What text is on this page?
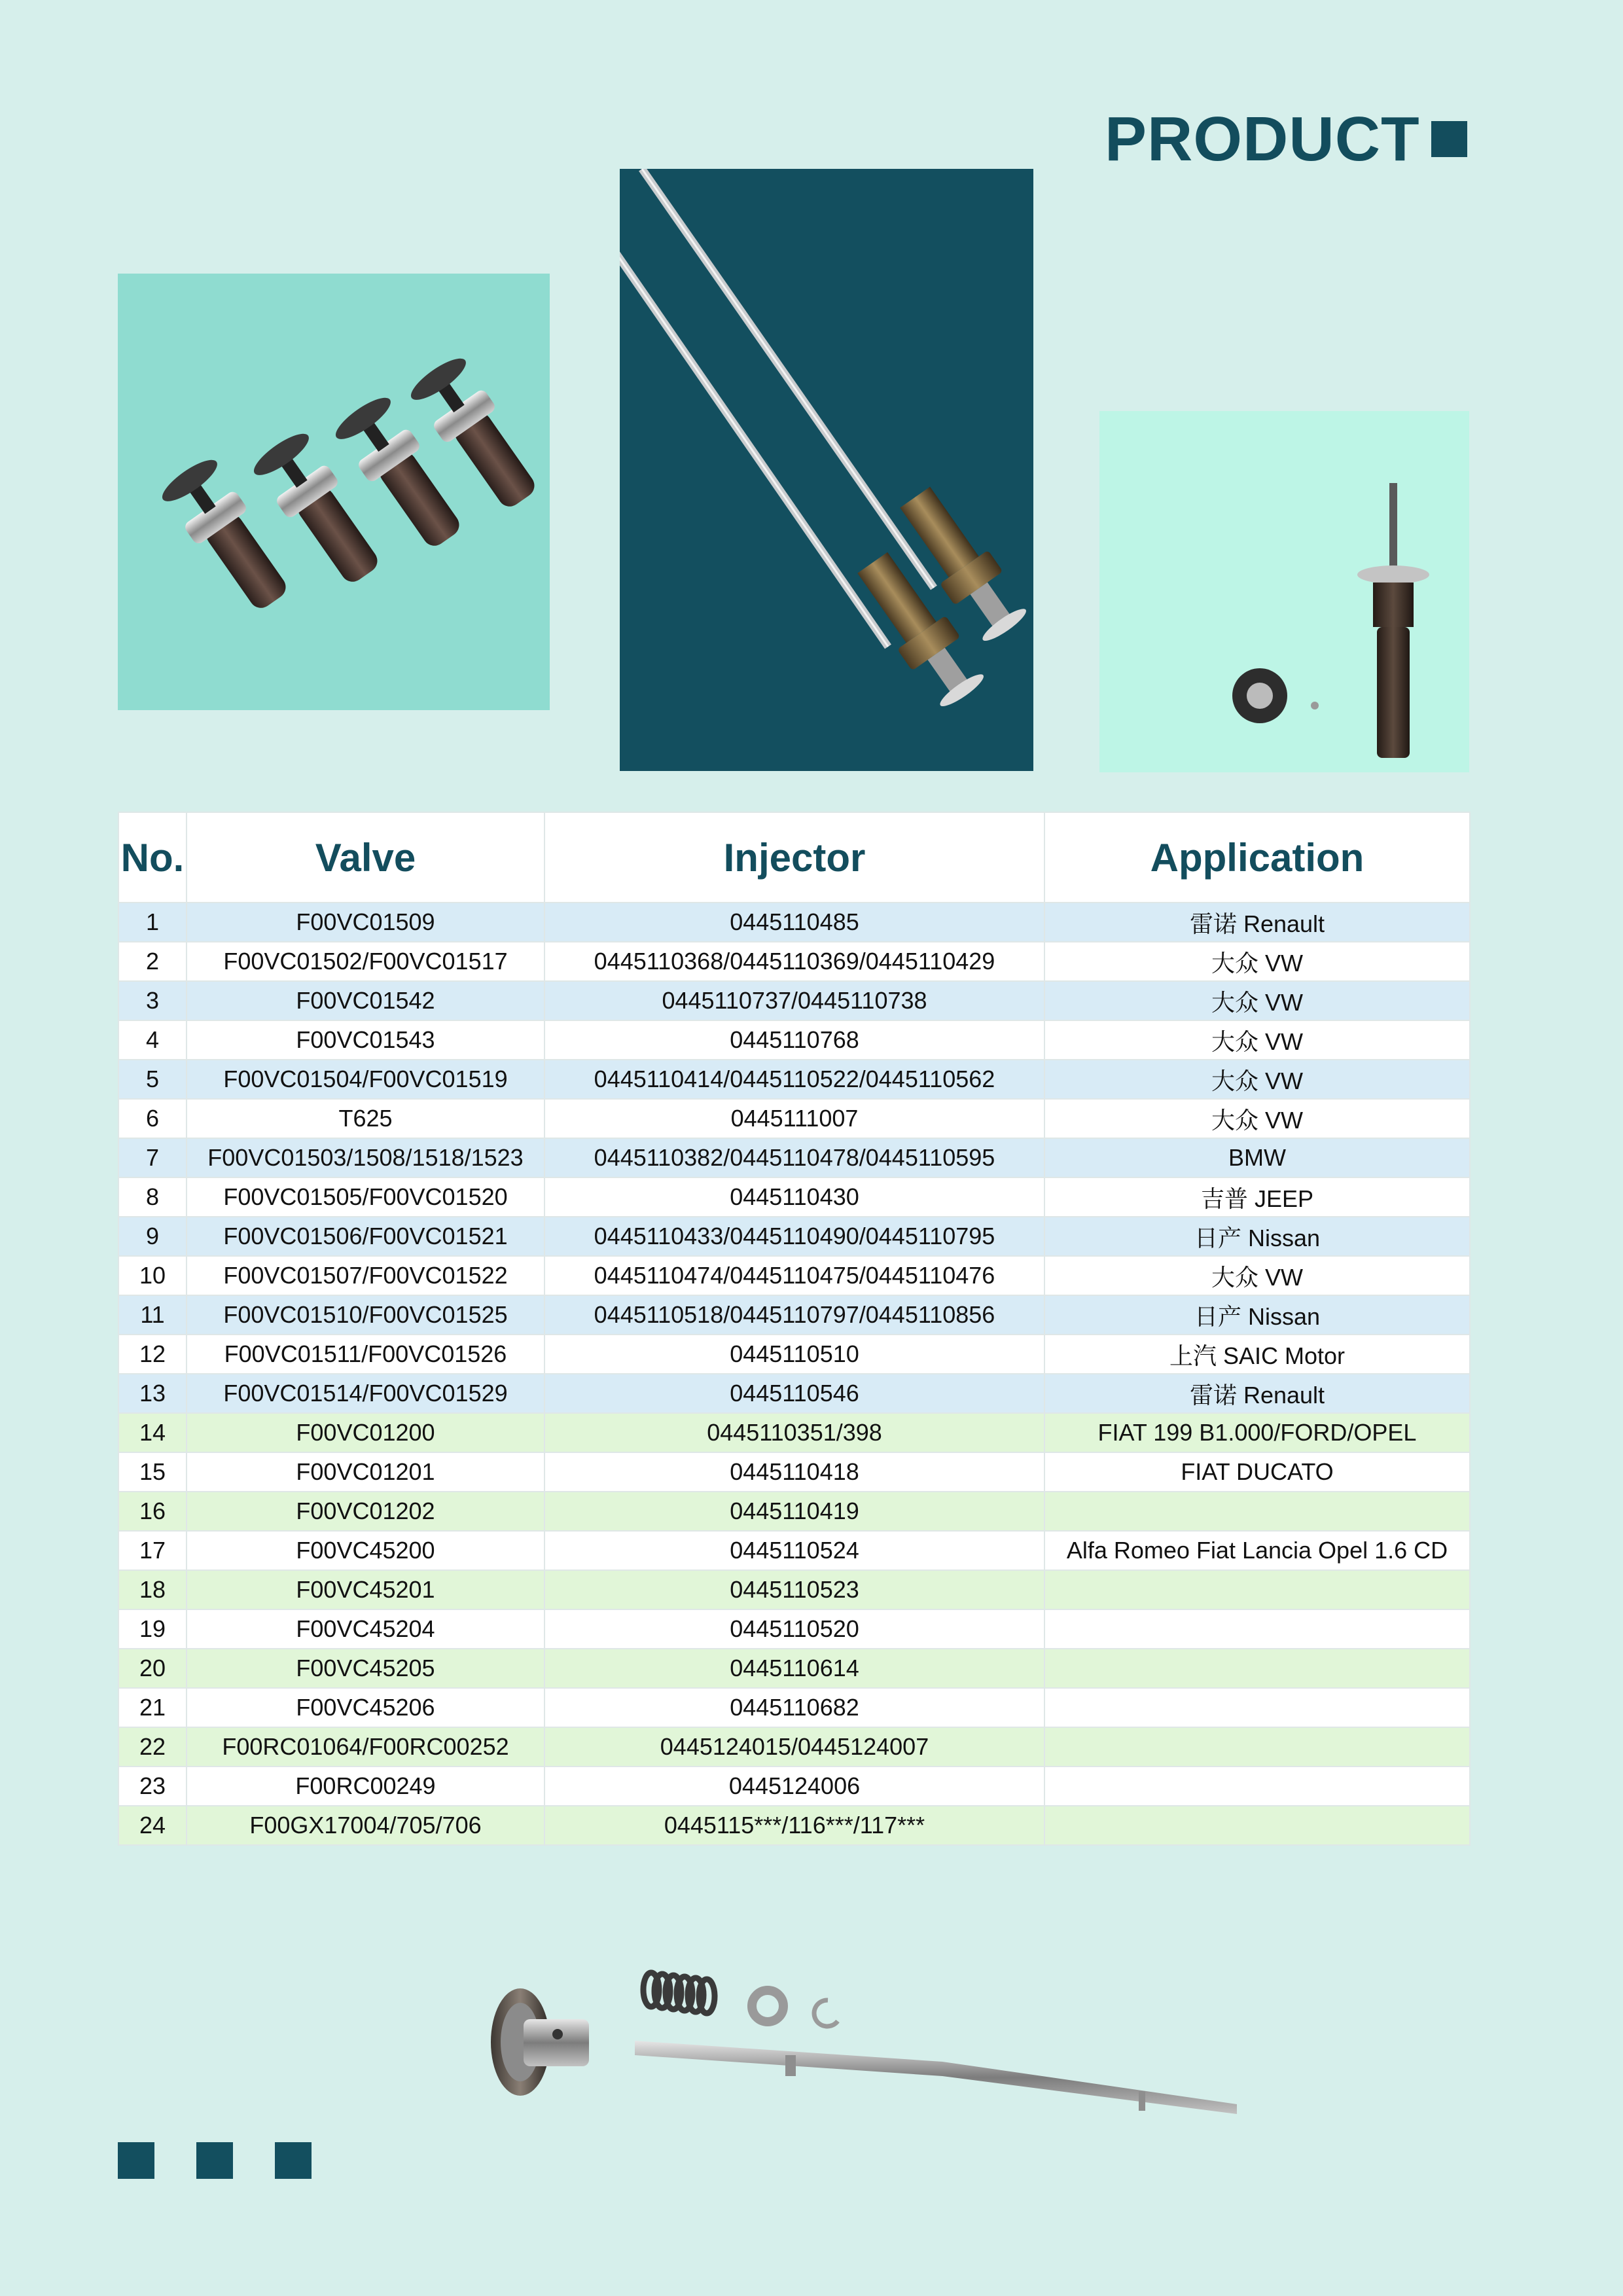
PRODUCT
No.	Valve	Injector	Application
1	F00VC01509	0445110485	雷诺 Renault
2	F00VC01502/F00VC01517	0445110368/0445110369/0445110429	大众 VW
3	F00VC01542	0445110737/0445110738	大众 VW
4	F00VC01543	0445110768	大众 VW
5	F00VC01504/F00VC01519	0445110414/0445110522/0445110562	大众 VW
6	T625	0445111007	大众 VW
7	F00VC01503/1508/1518/1523	0445110382/0445110478/0445110595	BMW
8	F00VC01505/F00VC01520	0445110430	吉普 JEEP
9	F00VC01506/F00VC01521	0445110433/0445110490/0445110795	日产 Nissan
10	F00VC01507/F00VC01522	0445110474/0445110475/0445110476	大众 VW
11	F00VC01510/F00VC01525	0445110518/0445110797/0445110856	日产 Nissan
12	F00VC01511/F00VC01526	0445110510	上汽 SAIC Motor
13	F00VC01514/F00VC01529	0445110546	雷诺 Renault
14	F00VC01200	0445110351/398	FIAT 199 B1.000/FORD/OPEL
15	F00VC01201	0445110418	FIAT DUCATO
16	F00VC01202	0445110419	
17	F00VC45200	0445110524	Alfa Romeo Fiat Lancia Opel 1.6 CD
18	F00VC45201	0445110523	
19	F00VC45204	0445110520	
20	F00VC45205	0445110614	
21	F00VC45206	0445110682	
22	F00RC01064/F00RC00252	0445124015/0445124007	
23	F00RC00249	0445124006	
24	F00GX17004/705/706	0445115***/116***/117***	
